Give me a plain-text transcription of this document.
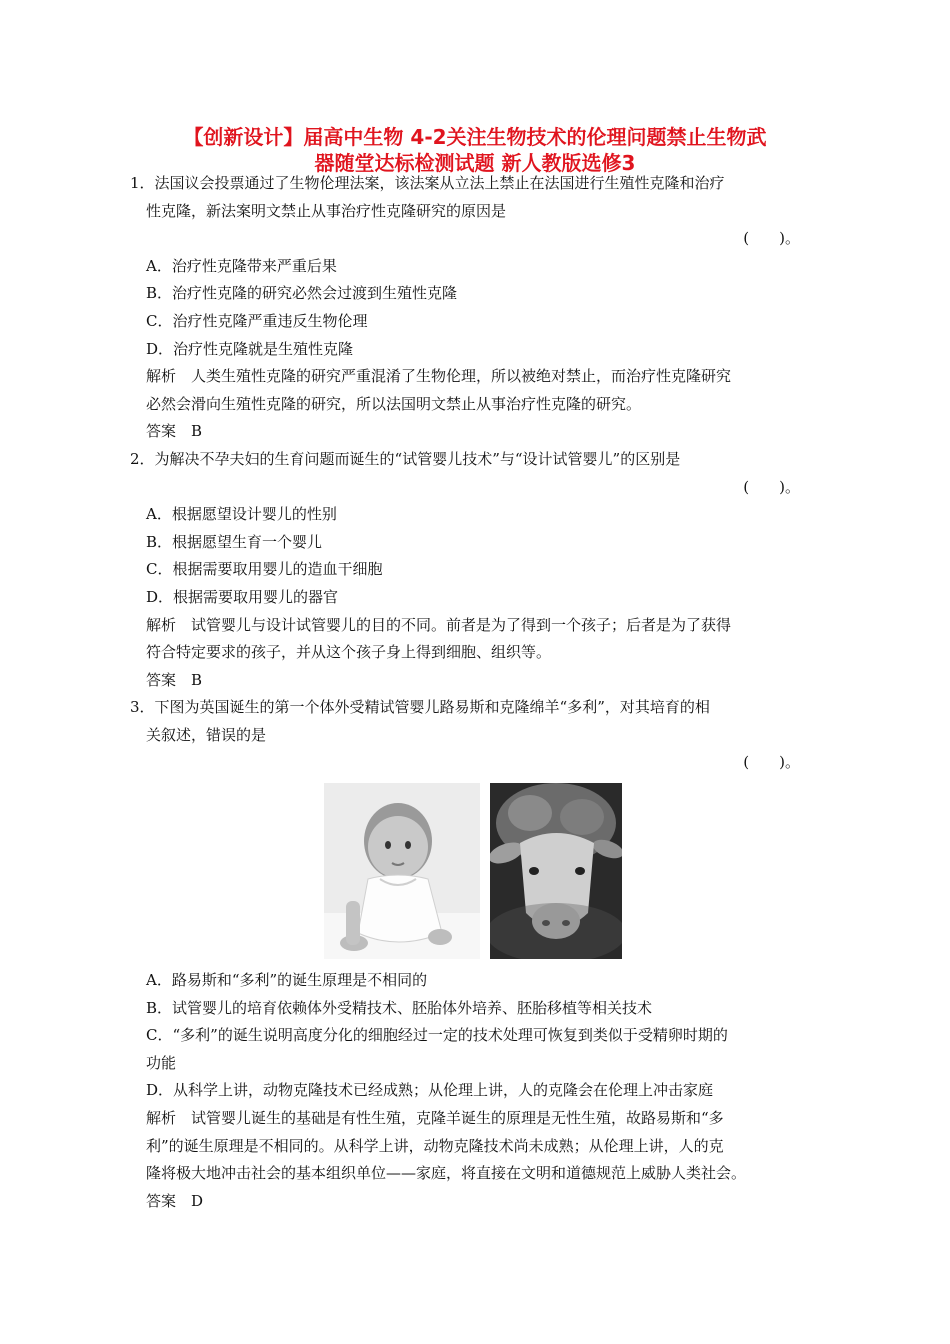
【创新设计】届高中生物 4-2关注生物技术的伦理问题禁止生物武
器随堂达标检测试题 新人教版选修3
1．法国议会投票通过了生物伦理法案，该法案从立法上禁止在法国进行生殖性克隆和治疗
性克隆，新法案明文禁止从事治疗性克隆研究的原因是
(　　)。
A．治疗性克隆带来严重后果
B．治疗性克隆的研究必然会过渡到生殖性克隆
C．治疗性克隆严重违反生物伦理
D．治疗性克隆就是生殖性克隆
解析　人类生殖性克隆的研究严重混淆了生物伦理，所以被绝对禁止，而治疗性克隆研究
必然会滑向生殖性克隆的研究，所以法国明文禁止从事治疗性克隆的研究。
答案　B
2．为解决不孕夫妇的生育问题而诞生的“试管婴儿技术”与“设计试管婴儿”的区别是
(　　)。
A．根据愿望设计婴儿的性别
B．根据愿望生育一个婴儿
C．根据需要取用婴儿的造血干细胞
D．根据需要取用婴儿的器官
解析　试管婴儿与设计试管婴儿的目的不同。前者是为了得到一个孩子；后者是为了获得
符合特定要求的孩子，并从这个孩子身上得到细胞、组织等。
答案　B
3．下图为英国诞生的第一个体外受精试管婴儿路易斯和克隆绵羊“多利”，对其培育的相
关叙述，错误的是
(　　)。
A．路易斯和“多利”的诞生原理是不相同的
B．试管婴儿的培育依赖体外受精技术、胚胎体外培养、胚胎移植等相关技术
C．“多利”的诞生说明高度分化的细胞经过一定的技术处理可恢复到类似于受精卵时期的
功能
D．从科学上讲，动物克隆技术已经成熟；从伦理上讲，人的克隆会在伦理上冲击家庭
解析　试管婴儿诞生的基础是有性生殖，克隆羊诞生的原理是无性生殖，故路易斯和“多
利”的诞生原理是不相同的。从科学上讲，动物克隆技术尚未成熟；从伦理上讲，人的克
隆将极大地冲击社会的基本组织单位——家庭，将直接在文明和道德规范上威胁人类社会。
答案　D
